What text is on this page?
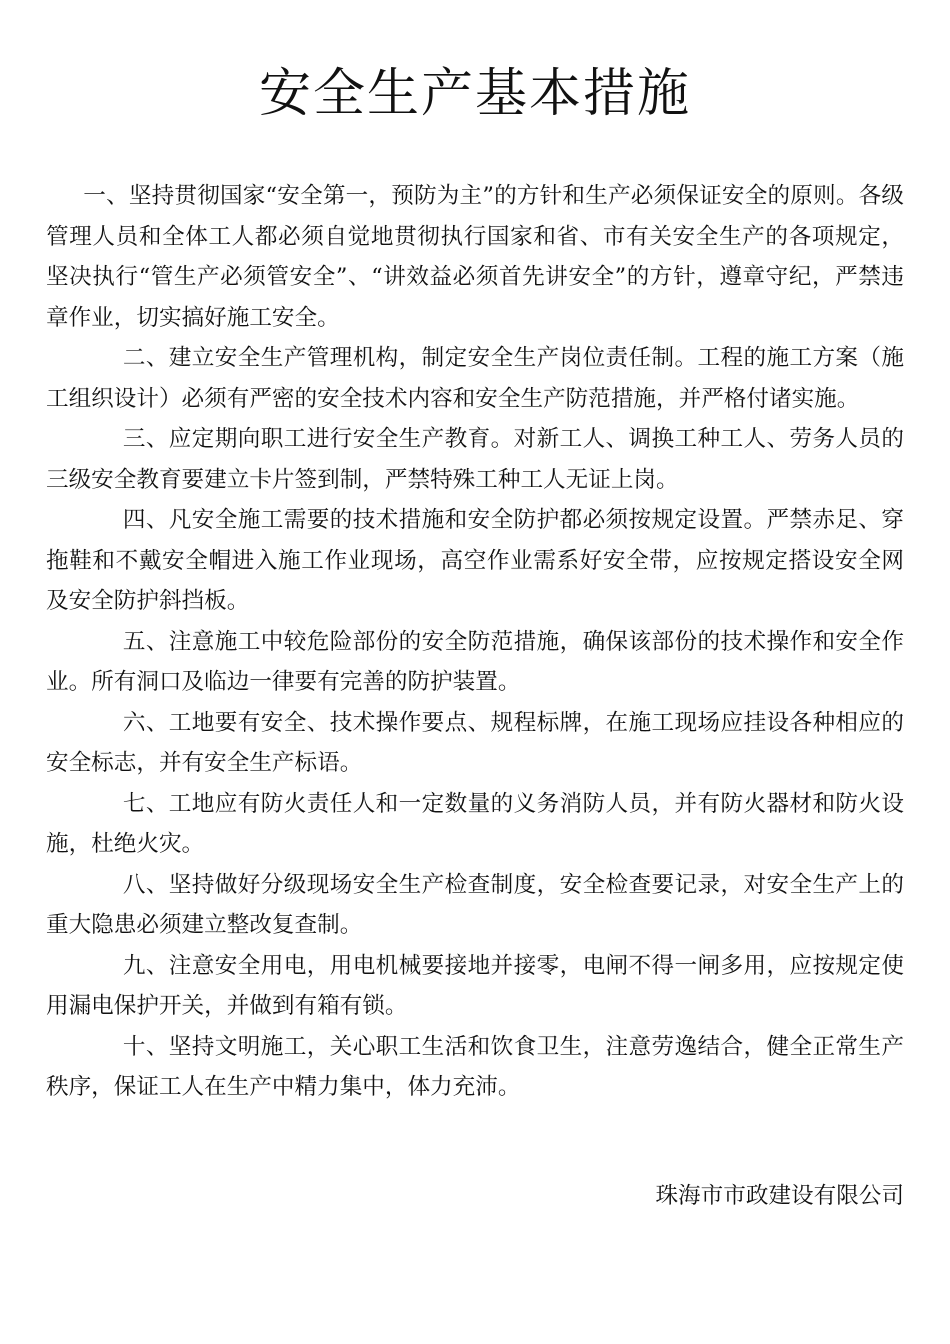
安全生产基本措施

一、坚持贯彻国家“安全第一，预防为主”的方针和生产必须保证安全的原则。各级管理人员和全体工人都必须自觉地贯彻执行国家和省、市有关安全生产的各项规定，坚决执行“管生产必须管安全”、“讲效益必须首先讲安全”的方针，遵章守纪，严禁违章作业，切实搞好施工安全。

二、建立安全生产管理机构，制定安全生产岗位责任制。工程的施工方案（施工组织设计）必须有严密的安全技术内容和安全生产防范措施，并严格付诸实施。

三、应定期向职工进行安全生产教育。对新工人、调换工种工人、劳务人员的三级安全教育要建立卡片签到制，严禁特殊工种工人无证上岗。

四、凡安全施工需要的技术措施和安全防护都必须按规定设置。严禁赤足、穿拖鞋和不戴安全帽进入施工作业现场，高空作业需系好安全带，应按规定搭设安全网及安全防护斜挡板。

五、注意施工中较危险部份的安全防范措施，确保该部份的技术操作和安全作业。所有洞口及临边一律要有完善的防护装置。

六、工地要有安全、技术操作要点、规程标牌，在施工现场应挂设各种相应的安全标志，并有安全生产标语。

七、工地应有防火责任人和一定数量的义务消防人员，并有防火器材和防火设施，杜绝火灾。

八、坚持做好分级现场安全生产检查制度，安全检查要记录，对安全生产上的重大隐患必须建立整改复查制。

九、注意安全用电，用电机械要接地并接零，电闸不得一闸多用，应按规定使用漏电保护开关，并做到有箱有锁。

十、坚持文明施工，关心职工生活和饮食卫生，注意劳逸结合，健全正常生产秩序，保证工人在生产中精力集中，体力充沛。

珠海市市政建设有限公司
